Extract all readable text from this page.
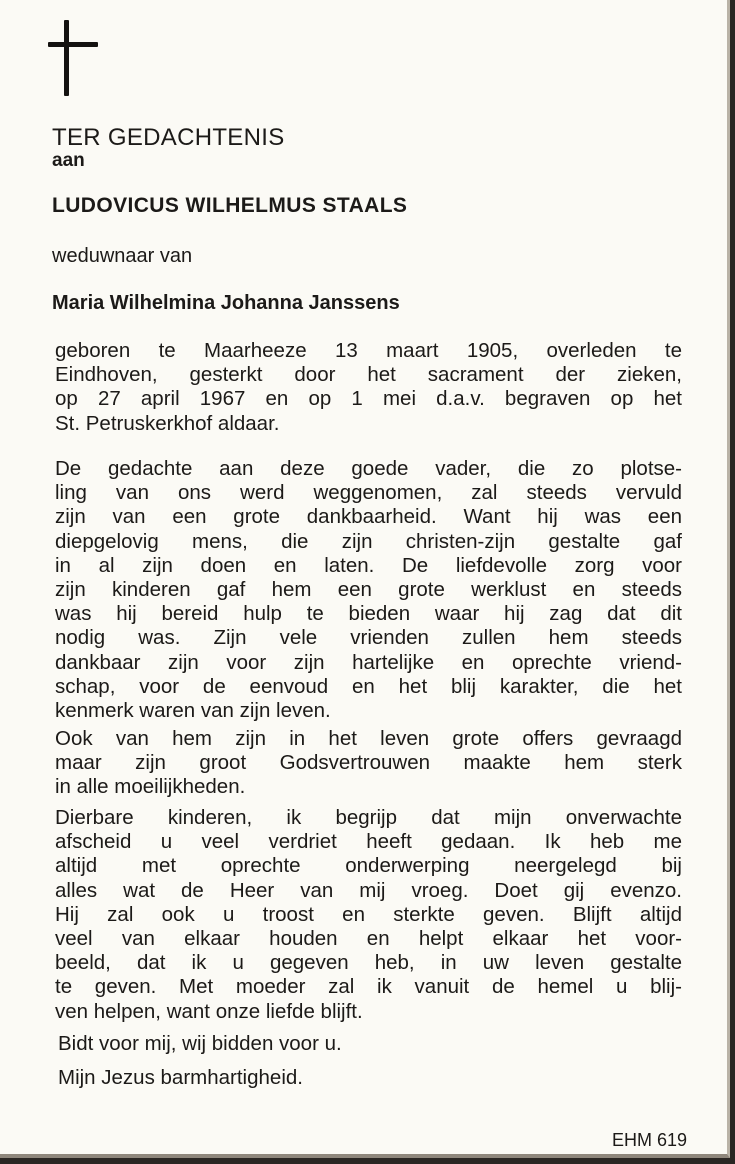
TER GEDACHTENIS
aan
LUDOVICUS WILHELMUS STAALS
weduwnaar van
Maria Wilhelmina Johanna Janssens
geboren te Maarheeze 13 maart 1905, overleden te
Eindhoven, gesterkt door het sacrament der zieken,
op 27 april 1967 en op 1 mei d.a.v. begraven op het
St. Petruskerkhof aldaar.
De gedachte aan deze goede vader, die zo plotse-
ling van ons werd weggenomen, zal steeds vervuld
zijn van een grote dankbaarheid. Want hij was een
diepgelovig mens, die zijn christen-zijn gestalte gaf
in al zijn doen en laten. De liefdevolle zorg voor
zijn kinderen gaf hem een grote werklust en steeds
was hij bereid hulp te bieden waar hij zag dat dit
nodig was. Zijn vele vrienden zullen hem steeds
dankbaar zijn voor zijn hartelijke en oprechte vriend-
schap, voor de eenvoud en het blij karakter, die het
kenmerk waren van zijn leven.
Ook van hem zijn in het leven grote offers gevraagd
maar zijn groot Godsvertrouwen maakte hem sterk
in alle moeilijkheden.
Dierbare kinderen, ik begrijp dat mijn onverwachte
afscheid u veel verdriet heeft gedaan. Ik heb me
altijd met oprechte onderwerping neergelegd bij
alles wat de Heer van mij vroeg. Doet gij evenzo.
Hij zal ook u troost en sterkte geven. Blijft altijd
veel van elkaar houden en helpt elkaar het voor-
beeld, dat ik u gegeven heb, in uw leven gestalte
te geven. Met moeder zal ik vanuit de hemel u blij-
ven helpen, want onze liefde blijft.
Bidt voor mij, wij bidden voor u.
Mijn Jezus barmhartigheid.
EHM 619
